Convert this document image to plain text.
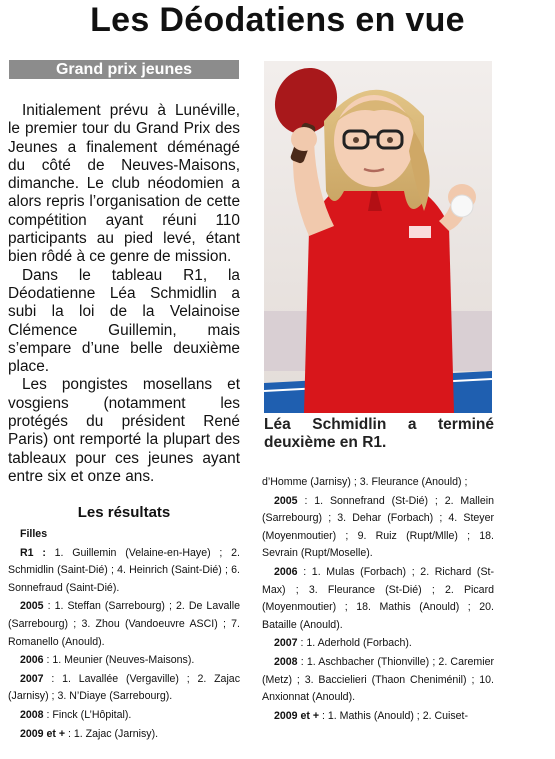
Les Déodatiens en vue
Grand prix jeunes

Initialement prévu à Lunéville, le premier tour du Grand Prix des Jeunes a finalement déménagé du côté de Neuves-Maisons, dimanche. Le club néodomien a alors repris l’organisation de cette compétition ayant réuni 110 participants au pied levé, étant bien rôdé à ce genre de mission.

Dans le tableau R1, la Déodatienne Léa Schmidlin a subi la loi de la Velainoise Clémence Guillemin, mais s’empare d’une belle deuxième place.

Les pongistes mosellans et vosgiens (notamment les protégés du président René Paris) ont remporté la plupart des tableaux pour ces jeunes ayant entre six et onze ans.

Léa Schmidlin a terminé deuxième en R1.
Les résultats

Filles

R1 : 1. Guillemin (Velaine-en-Haye) ; 2. Schmidlin (Saint-Dié) ; 4. Heinrich (Saint-Dié) ; 6. Sonnefraud (Saint-Dié).

2005 : 1. Steffan (Sarrebourg) ; 2. De Lavalle (Sarrebourg) ; 3. Zhou (Vandoeuvre ASCI) ; 7. Romanello (Anould).

2006 : 1. Meunier (Neuves-Maisons).

2007 : 1. Lavallée (Vergaville) ; 2. Zajac (Jarnisy) ; 3. N’Diaye (Sarrebourg).

2008 : Finck (L’Hôpital).

2009 et + : 1. Zajac (Jarnisy).

d’Homme (Jarnisy) ; 3. Fleurance (Anould) ;

2005 : 1. Sonnefrand (St-Dié) ; 2. Mallein (Sarrebourg) ; 3. Dehar (Forbach) ; 4. Steyer (Moyenmoutier) ; 9. Ruiz (Rupt/Mlle) ; 18. Sevrain (Rupt/Moselle).

2006 : 1. Mulas (Forbach) ; 2. Richard (St-Max) ; 3. Fleurance (St-Dié) ; 2. Picard (Moyenmoutier) ; 18. Mathis (Anould) ; 20. Bataille (Anould).

2007 : 1. Aderhold (Forbach).

2008 : 1. Aschbacher (Thionville) ; 2. Caremier (Metz) ; 3. Baccielieri (Thaon Cheniménil) ; 10. Anxionnat (Anould).

2009 et + : 1. Mathis (Anould) ; 2. Cuiset-
